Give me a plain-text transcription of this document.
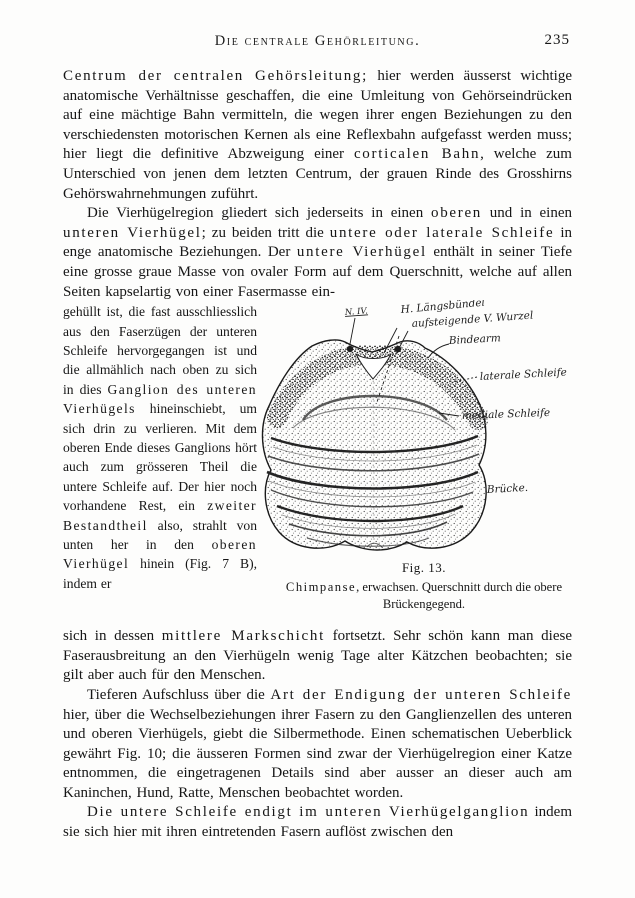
Die centrale Gehörleitung.	235

Centrum der centralen Gehörsleitung; hier werden äusserst wichtige anatomische Verhältnisse geschaffen, die eine Umleitung von Gehörseindrücken auf eine mächtige Bahn vermitteln, die wegen ihrer engen Beziehungen zu den verschiedensten motorischen Kernen als eine Reflexbahn aufgefasst werden muss; hier liegt die definitive Abzweigung einer corticalen Bahn, welche zum Unterschied von jenen dem letzten Centrum, der grauen Rinde des Grosshirns Gehörswahrnehmungen zuführt.

Die Vierhügelregion gliedert sich jederseits in einen oberen und in einen unteren Vierhügel; zu beiden tritt die untere oder laterale Schleife in enge anatomische Beziehungen. Der untere Vierhügel enthält in seiner Tiefe eine grosse graue Masse von ovaler Form auf dem Querschnitt, welche auf allen Seiten kapselartig von einer Fasermasse ein-

gehüllt ist, die fast ausschliesslich aus den Faserzügen der unteren Schleife hervorgegangen ist und die allmählich nach oben zu sich in dies Ganglion des unteren Vierhügels hineinschiebt, um sich drin zu verlieren. Mit dem oberen Ende dieses Ganglions hört auch zum grösseren Theil die untere Schleife auf. Der hier noch vorhandene Rest, ein zweiter Bestandtheil also, strahlt von unten her in den oberen Vierhügel hinein (Fig. 7 B), indem er
N. IV.	H. Längsbündel
aufsteigende V. Wurzel
Bindearm
laterale Schleife
mediale Schleife
Brücke.
Fig. 13.
Chimpanse, erwachsen. Querschnitt durch die obere Brückengegend.

sich in dessen mittlere Markschicht fortsetzt. Sehr schön kann man diese Faserausbreitung an den Vierhügeln wenig Tage alter Kätzchen beobachten; sie gilt aber auch für den Menschen.

Tieferen Aufschluss über die Art der Endigung der unteren Schleife hier, über die Wechselbeziehungen ihrer Fasern zu den Ganglienzellen des unteren und oberen Vierhügels, giebt die Silbermethode. Einen schematischen Ueberblick gewährt Fig. 10; die äusseren Formen sind zwar der Vierhügelregion einer Katze entnommen, die eingetragenen Details sind aber ausser an dieser auch am Kaninchen, Hund, Ratte, Menschen beobachtet worden.

Die untere Schleife endigt im unteren Vierhügelganglion indem sie sich hier mit ihren eintretenden Fasern auflöst zwischen den
